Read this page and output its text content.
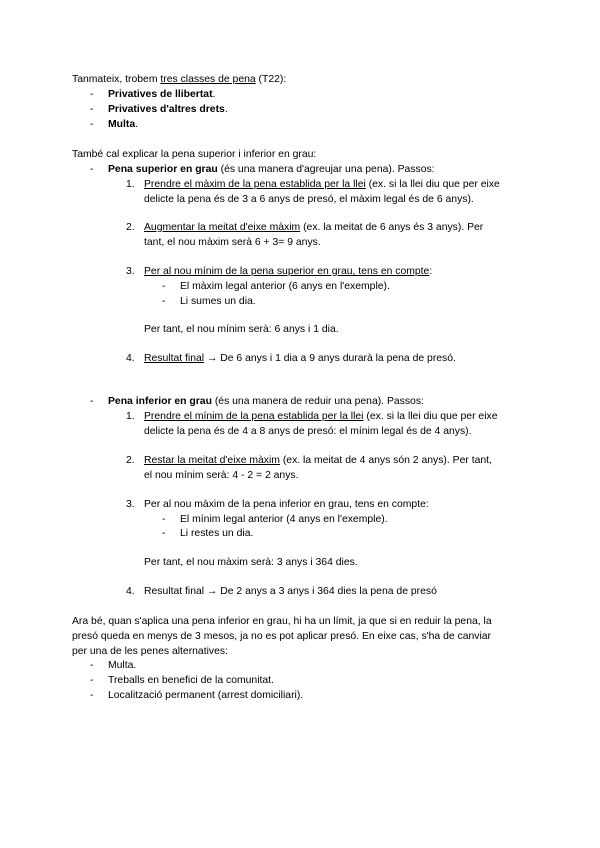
Tanmateix, trobem tres classes de pena (T22):
- Privatives de llibertat.
- Privatives d'altres drets.
- Multa.
També cal explicar la pena superior i inferior en grau:
- Pena superior en grau (és una manera d'agreujar una pena). Passos:
1. Prendre el màxim de la pena establida per la llei (ex. si la llei diu que per eixe
delicte la pena és de 3 a 6 anys de presó, el màxim legal és de 6 anys).
2. Augmentar la meitat d'eixe màxim (ex. la meitat de 6 anys és 3 anys). Per
tant, el nou màxim serà 6 + 3= 9 anys.
3. Per al nou mínim de la pena superior en grau, tens en compte:
- El màxim legal anterior (6 anys en l'exemple).
- Li sumes un dia.
Per tant, el nou mínim serà: 6 anys i 1 dia.
4. Resultat final → De 6 anys i 1 dia a 9 anys durarà la pena de presó.
- Pena inferior en grau (és una manera de reduir una pena). Passos:
1. Prendre el mínim de la pena establida per la llei (ex. si la llei diu que per eixe
delicte la pena és de 4 a 8 anys de presó: el mínim legal és de 4 anys).
2. Restar la meitat d'eixe màxim (ex. la meitat de 4 anys són 2 anys). Per tant,
el nou mínim serà: 4 - 2 = 2 anys.
3. Per al nou màxim de la pena inferior en grau, tens en compte:
- El mínim legal anterior (4 anys en l'exemple).
- Li restes un dia.
Per tant, el nou màxim serà: 3 anys i 364 dies.
4. Resultat final → De 2 anys a 3 anys i 364 dies la pena de presó
Ara bé, quan s'aplica una pena inferior en grau, hi ha un límit, ja que si en reduir la pena, la
presó queda en menys de 3 mesos, ja no es pot aplicar presó. En eixe cas, s'ha de canviar
per una de les penes alternatives:
- Multa.
- Treballs en benefici de la comunitat.
- Localització permanent (arrest domiciliari).
